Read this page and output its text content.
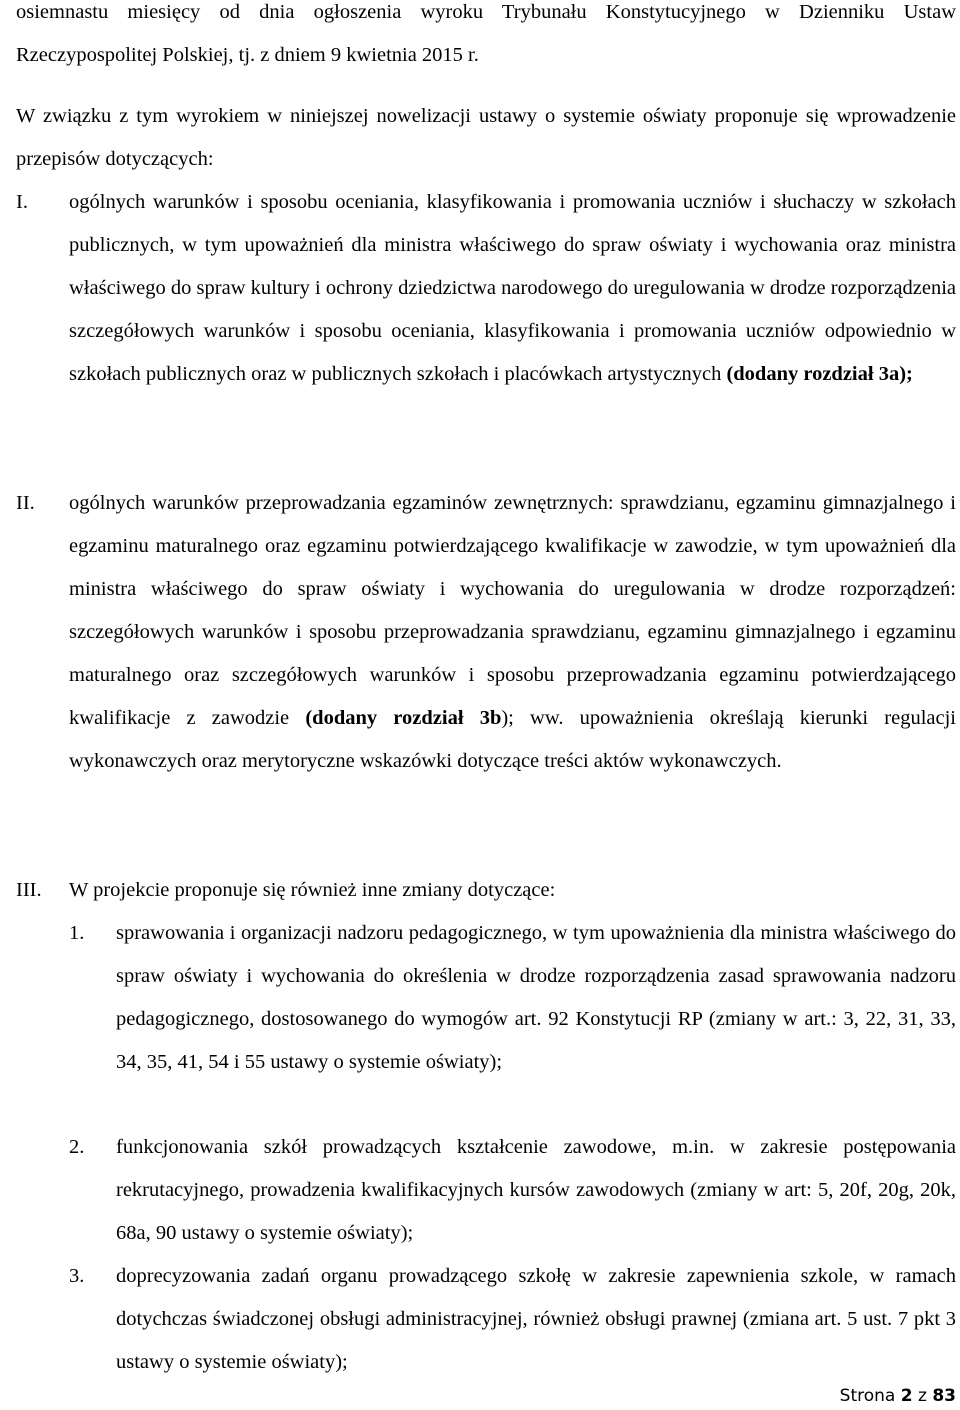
osiemnastu miesięcy od dnia ogłoszenia wyroku Trybunału Konstytucyjnego w Dzienniku Ustaw Rzeczypospolitej Polskiej, tj. z dniem 9 kwietnia 2015 r.

W związku z tym wyrokiem w niniejszej nowelizacji ustawy o systemie oświaty proponuje się wprowadzenie przepisów dotyczących:

I.	ogólnych warunków i sposobu oceniania, klasyfikowania i promowania uczniów i słuchaczy w szkołach publicznych, w tym upoważnień dla ministra właściwego do spraw oświaty i wychowania oraz ministra właściwego do spraw kultury i ochrony dziedzictwa narodowego do uregulowania w drodze rozporządzenia szczegółowych warunków i sposobu oceniania, klasyfikowania i promowania uczniów odpowiednio w szkołach publicznych oraz w publicznych szkołach i placówkach artystycznych (dodany rozdział 3a);
II.	ogólnych warunków przeprowadzania egzaminów zewnętrznych: sprawdzianu, egzaminu gimnazjalnego i egzaminu maturalnego oraz egzaminu potwierdzającego kwalifikacje w zawodzie, w tym upoważnień dla ministra właściwego do spraw oświaty i wychowania do uregulowania w drodze rozporządzeń: szczegółowych warunków i sposobu przeprowadzania sprawdzianu, egzaminu gimnazjalnego i egzaminu maturalnego oraz szczegółowych warunków i sposobu przeprowadzania egzaminu potwierdzającego kwalifikacje z zawodzie (dodany rozdział 3b); ww. upoważnienia określają kierunki regulacji wykonawczych oraz merytoryczne wskazówki dotyczące treści aktów wykonawczych.
III.	W projekcie proponuje się również inne zmiany dotyczące:
1.	sprawowania i organizacji nadzoru pedagogicznego, w tym upoważnienia dla ministra właściwego do spraw oświaty i wychowania do określenia w drodze rozporządzenia zasad sprawowania nadzoru pedagogicznego, dostosowanego do wymogów art. 92 Konstytucji RP (zmiany w art.: 3, 22, 31, 33, 34, 35, 41, 54 i 55 ustawy o systemie oświaty);
2.	funkcjonowania szkół prowadzących kształcenie zawodowe, m.in. w zakresie postępowania rekrutacyjnego, prowadzenia kwalifikacyjnych kursów zawodowych (zmiany w art: 5, 20f, 20g, 20k, 68a, 90 ustawy o systemie oświaty);
3.	doprecyzowania zadań organu prowadzącego szkołę w zakresie zapewnienia szkole, w ramach dotychczas świadczonej obsługi administracyjnej, również obsługi prawnej (zmiana art. 5 ust. 7 pkt 3 ustawy o systemie oświaty);
Strona 2 z 83
